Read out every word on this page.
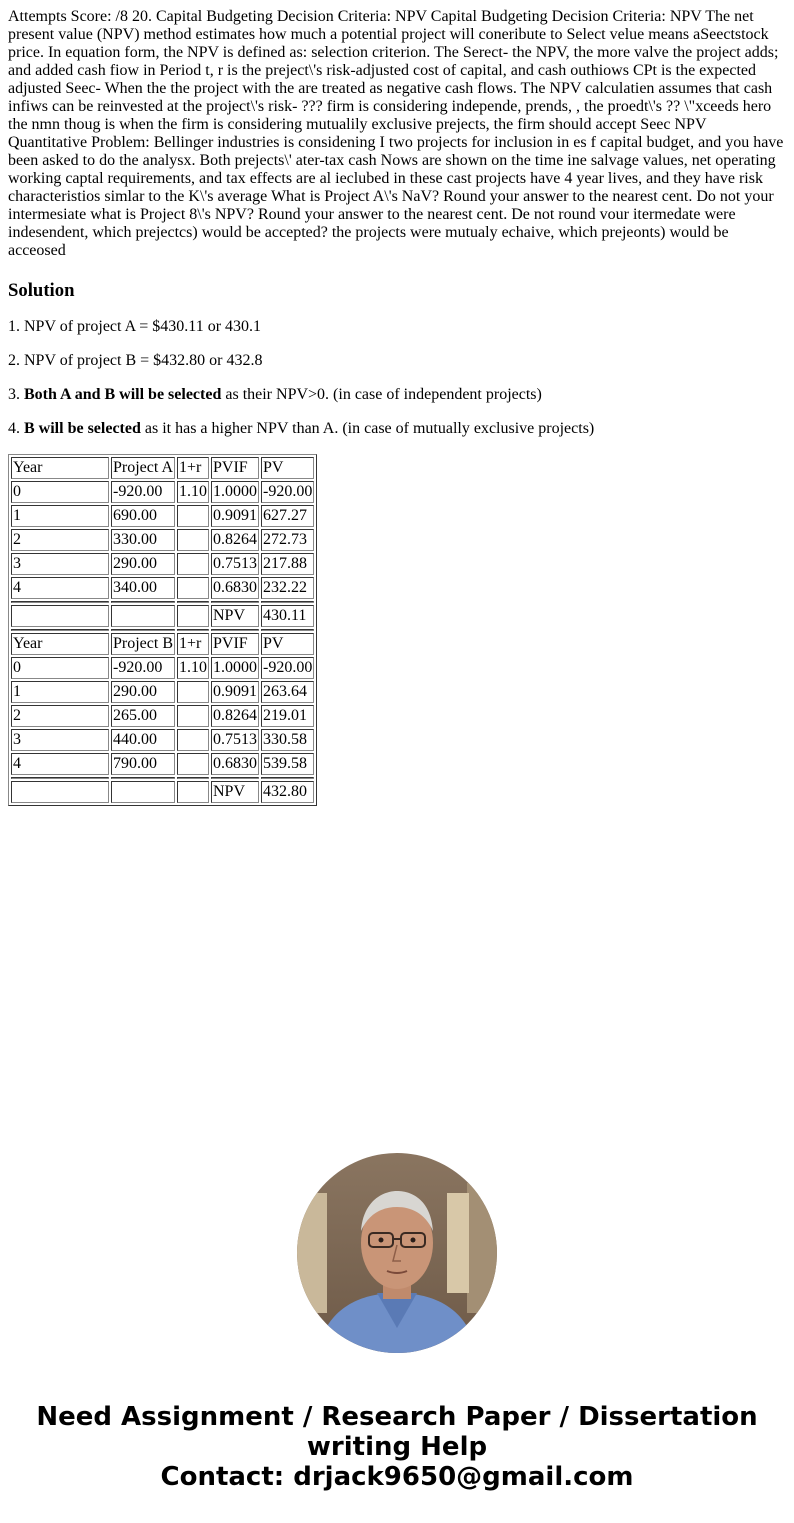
Attempts Score: /8 20. Capital Budgeting Decision Criteria: NPV Capital Budgeting Decision Criteria: NPV The net present value (NPV) method estimates how much a potential project will coneribute to Select velue means aSeectstock price. In equation form, the NPV is defined as: selection criterion. The Serect- the NPV, the more valve the project adds; and added cash fiow in Period t, r is the preject\'s risk-adjusted cost of capital, and cash outhiows CPt is the expected adjusted Seec- When the the project with the are treated as negative cash flows. The NPV calculatien assumes that cash infiws can be reinvested at the project\'s risk- ??? firm is considering independe, prends, , the proedt\'s ?? \"xceeds hero the nmn thoug is when the firm is considering mutualily exclusive prejects, the firm should accept Seec NPV Quantitative Problem: Bellinger industries is considening I two projects for inclusion in es f capital budget, and you have been asked to do the analysx. Both prejects\' ater-tax cash Nows are shown on the time ine salvage values, net operating working captal requirements, and tax effects are al ieclubed in these cast projects have 4 year lives, and they have risk characteristios simlar to the K\'s average What is Project A\'s NaV? Round your answer to the nearest cent. Do not your intermesiate what is Project 8\'s NPV? Round your answer to the nearest cent. De not round vour itermedate were indesendent, which prejectcs) would be accepted? the projects were mutualy echaive, which prejeonts) would be acceosed

Solution

1. NPV of project A = $430.11 or 430.1

2. NPV of project B = $432.80 or 432.8

3. Both A and B will be selected as their NPV>0. (in case of independent projects)

4. B will be selected as it has a higher NPV than A. (in case of mutually exclusive projects)

Year	Project A	1+r	PVIF	PV
0	-920.00	1.10	1.0000	-920.00
1	690.00		0.9091	627.27
2	330.00		0.8264	272.73
3	290.00		0.7513	217.88
4	340.00		0.6830	232.22

			NPV	430.11

Year	Project B	1+r	PVIF	PV
0	-920.00	1.10	1.0000	-920.00
1	290.00		0.9091	263.64
2	265.00		0.8264	219.01
3	440.00		0.7513	330.58
4	790.00		0.6830	539.58

			NPV	432.80
Need Assignment / Research Paper / Dissertation
writing Help
Contact: drjack9650@gmail.com
